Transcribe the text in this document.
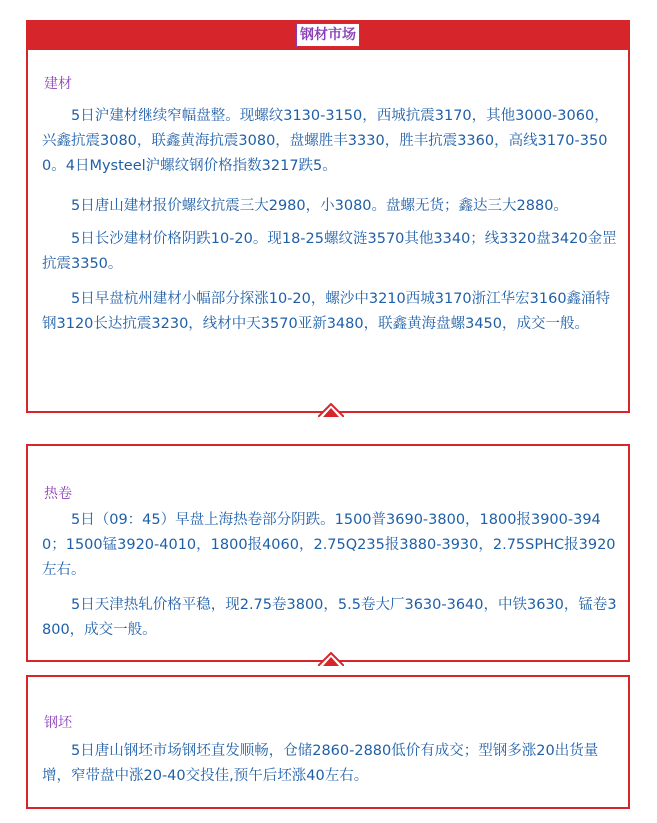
钢材市场
建材

5日沪建材继续窄幅盘整。现螺纹3130-3150，西城抗震3170，其他3000-3060，兴鑫抗震3080，联鑫黄海抗震3080，盘螺胜丰3330，胜丰抗震3360，高线3170-3500。4日Mysteel沪螺纹钢价格指数3217跌5。

5日唐山建材报价螺纹抗震三大2980，小3080。盘螺无货；鑫达三大2880。

5日长沙建材价格阴跌10-20。现18-25螺纹涟3570其他3340；线3320盘3420金罡抗震3350。

5日早盘杭州建材小幅部分探涨10-20，螺沙中3210西城3170浙江华宏3160鑫涌特钢3120长达抗震3230，线材中天3570亚新3480，联鑫黄海盘螺3450，成交一般。

热卷

5日（09：45）早盘上海热卷部分阴跌。1500普3690-3800，1800报3900-3940；1500锰3920-4010，1800报4060，2.75Q235报3880-3930，2.75SPHC报3920左右。

5日天津热轧价格平稳，现2.75卷3800，5.5卷大厂3630-3640，中铁3630，锰卷3800，成交一般。

钢坯

5日唐山钢坯市场钢坯直发顺畅，仓储2860-2880低价有成交；型钢多涨20出货量增，窄带盘中涨20-40交投佳,预午后坯涨40左右。
